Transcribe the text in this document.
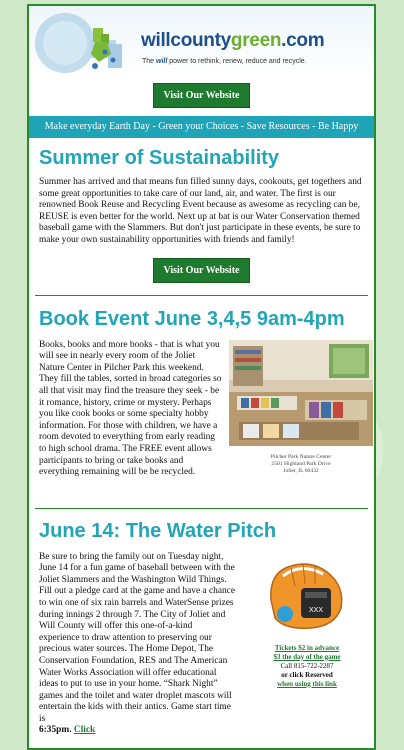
willcountygreen.com
The will power to rethink, renew, reduce and recycle.
Visit Our Website
Make everyday Earth Day - Green your Choices - Save Resources - Be Happy
Summer of Sustainability

Summer has arrived and that means fun filled sunny days, cookouts, get togethers and some great opportunities to take care of our land, air, and water. The first is our renowned Book Reuse and Recycling Event because as awesome as recycling can be, REUSE is even better for the world. Next up at bat is our Water Conservation themed baseball game with the Slammers. But don't just participate in these events, be sure to make your own sustainability opportunities with friends and family!

Visit Our Website
Book Event June 3,4,5 9am-4pm

Books, books and more books - that is what you will see in nearly every room of the Joliet Nature Center in Pilcher Park this weekend. They fill the tables, sorted in broad categories so all that visit may find the treasure they seek - be it romance, history, crime or mystery. Perhaps you like cook books or some specialty hobby information. For those with children, we have a room devoted to everything from early reading to high school drama. The FREE event allows participants to bring or take books and everything remaining will be be recycled.

Pilcher Park Nature Center
2501 Highland Park Drive
Joliet, IL 60432
June 14: The Water Pitch

Be sure to bring the family out on Tuesday night, June 14 for a fun game of baseball between with the Joliet Slammers and the Washington Wild Things. Fill out a pledge card at the game and have a chance to win one of six rain barrels and WaterSense prizes during innings 2 through 7. The City of Joliet and Will County will offer this one-of-a-kind experience to draw attention to preserving our precious water sources. The Home Depot, The Conservation Foundation, RES and The American Water Works Association will offer educational ideas to put to use in your home. “Shark Night” games and the toilet and water droplet mascots will entertain the kids with their antics. Game start time is
6:35pm. Click

XXX
Tickets $2 in advance
$3 the day of the game
Call 815-722-2287
or click Reserved
when using this link
